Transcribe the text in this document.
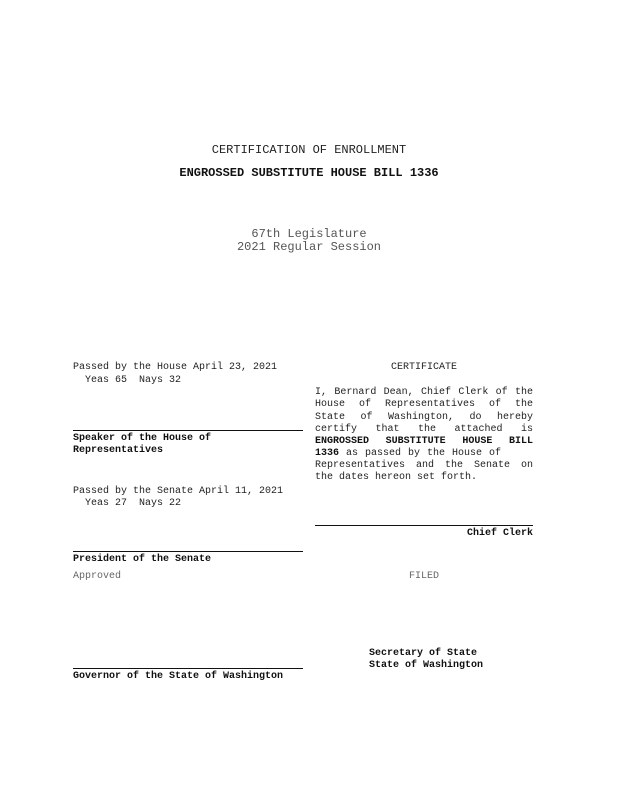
CERTIFICATION OF ENROLLMENT
ENGROSSED SUBSTITUTE HOUSE BILL 1336
67th Legislature
2021 Regular Session
Passed by the House April 23, 2021
Yeas 65  Nays 32
Speaker of the House of
Representatives
Passed by the Senate April 11, 2021
Yeas 27  Nays 22
President of the Senate
Approved
Governor of the State of Washington
CERTIFICATE
I, Bernard Dean, Chief Clerk of the
House of Representatives of the
State of Washington, do hereby
certify that the attached is
ENGROSSED SUBSTITUTE HOUSE BILL
1336 as passed by the House of
Representatives and the Senate on
the dates hereon set forth.
Chief Clerk
FILED
Secretary of State
State of Washington
